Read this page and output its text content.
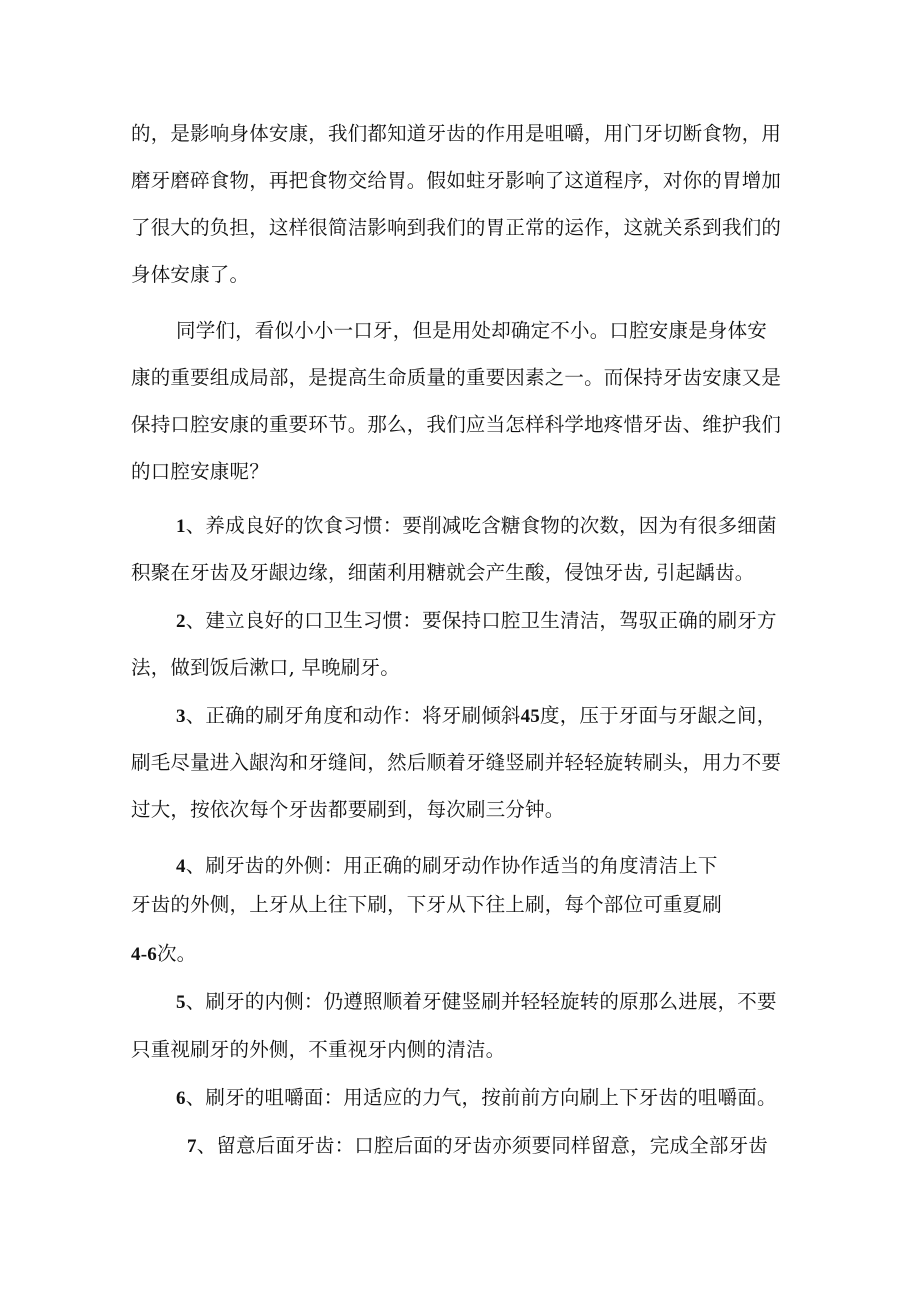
的，是影响身体安康，我们都知道牙齿的作用是咀嚼，用门牙切断食物，用
磨牙磨碎食物，再把食物交给胃。假如蛀牙影响了这道程序，对你的胃增加
了很大的负担，这样很简洁影响到我们的胃正常的运作，这就关系到我们的
身体安康了。
同学们，看似小小一口牙，但是用处却确定不小。口腔安康是身体安
康的重要组成局部，是提高生命质量的重要因素之一。而保持牙齿安康又是
保持口腔安康的重要环节。那么，我们应当怎样科学地疼惜牙齿、维护我们
的口腔安康呢？
1、养成良好的饮食习惯：要削减吃含糖食物的次数，因为有很多细菌
积聚在牙齿及牙龈边缘，细菌利用糖就会产生酸，侵蚀牙齿, 引起龋齿。
2、建立良好的口卫生习惯：要保持口腔卫生清洁，驾驭正确的刷牙方
法，做到饭后漱口, 早晚刷牙。
3、正确的刷牙角度和动作：将牙刷倾斜45度，压于牙面与牙龈之间，
刷毛尽量进入龈沟和牙缝间，然后顺着牙缝竖刷并轻轻旋转刷头，用力不要
过大，按依次每个牙齿都要刷到，每次刷三分钟。
4、刷牙齿的外侧：用正确的刷牙动作协作适当的角度清洁上下
牙齿的外侧，上牙从上往下刷，下牙从下往上刷，每个部位可重夏刷
4-6次。
5、刷牙的内侧：仍遵照顺着牙健竖刷并轻轻旋转的原那么进展，不要
只重视刷牙的外侧，不重视牙内侧的清洁。
6、刷牙的咀嚼面：用适应的力气，按前前方向刷上下牙齿的咀嚼面。
7、留意后面牙齿：口腔后面的牙齿亦须要同样留意，完成全部牙齿
